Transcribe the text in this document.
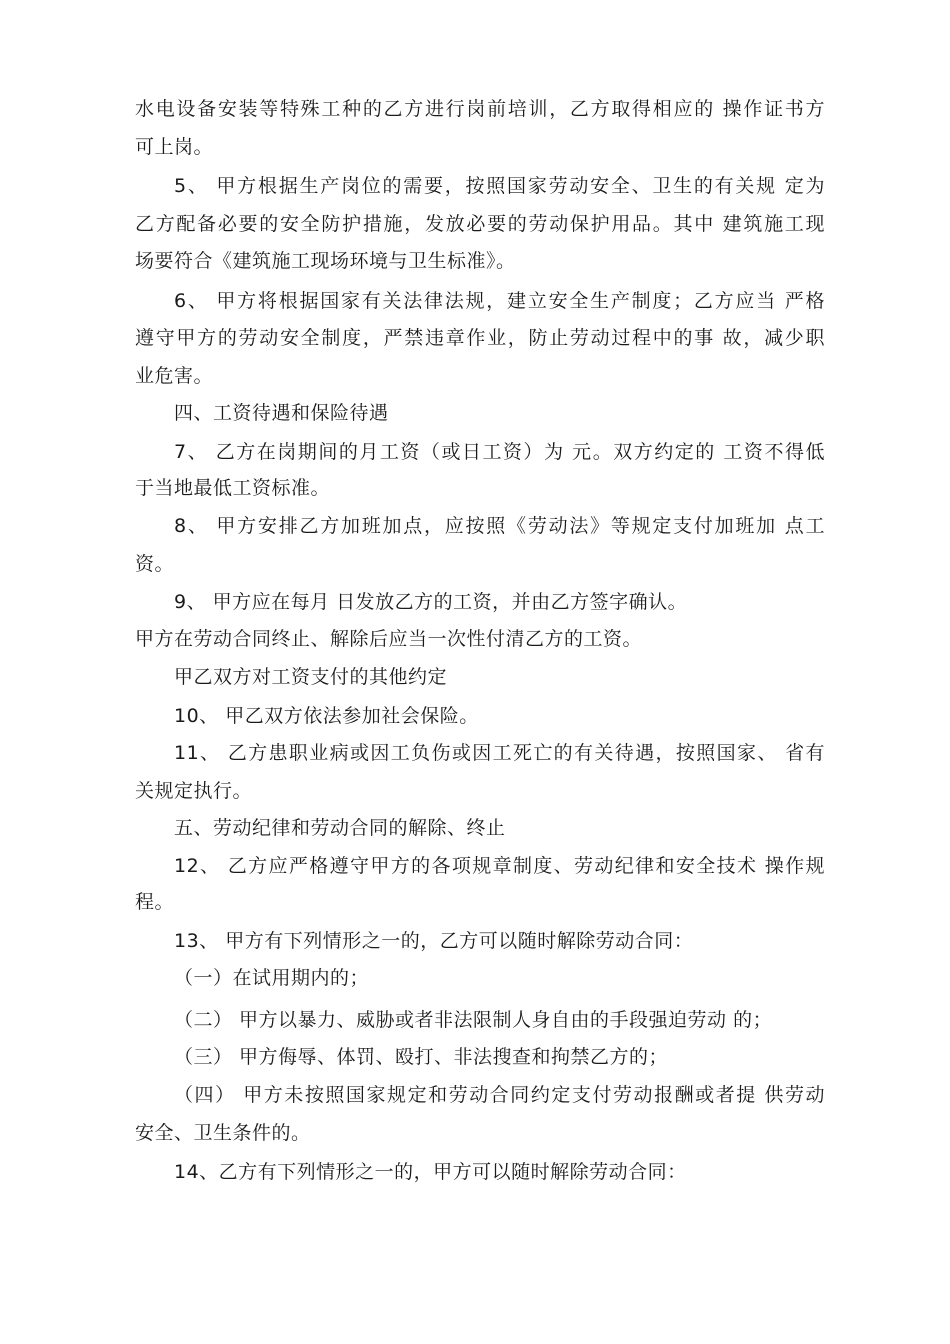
水电设备安装等特殊工种的乙方进行岗前培训，乙方取得相应的 操作证书方
可上岗。
5、 甲方根据生产岗位的需要，按照国家劳动安全、卫生的有关规 定为
乙方配备必要的安全防护措施，发放必要的劳动保护用品。其中 建筑施工现
场要符合《建筑施工现场环境与卫生标准》。
6、 甲方将根据国家有关法律法规，建立安全生产制度；乙方应当 严格
遵守甲方的劳动安全制度，严禁违章作业，防止劳动过程中的事 故，减少职
业危害。
四、工资待遇和保险待遇
7、 乙方在岗期间的月工资（或日工资）为 元。双方约定的 工资不得低
于当地最低工资标准。
8、 甲方安排乙方加班加点，应按照《劳动法》等规定支付加班加 点工
资。
9、 甲方应在每月 日发放乙方的工资，并由乙方签字确认。
甲方在劳动合同终止、解除后应当一次性付清乙方的工资。
甲乙双方对工资支付的其他约定
10、 甲乙双方依法参加社会保险。
11、 乙方患职业病或因工负伤或因工死亡的有关待遇，按照国家、 省有
关规定执行。
五、劳动纪律和劳动合同的解除、终止
12、 乙方应严格遵守甲方的各项规章制度、劳动纪律和安全技术 操作规
程。
13、 甲方有下列情形之一的，乙方可以随时解除劳动合同：
（一）在试用期内的；
（二） 甲方以暴力、威胁或者非法限制人身自由的手段强迫劳动 的；
（三） 甲方侮辱、体罚、殴打、非法搜查和拘禁乙方的；
（四） 甲方未按照国家规定和劳动合同约定支付劳动报酬或者提 供劳动
安全、卫生条件的。
14、乙方有下列情形之一的，甲方可以随时解除劳动合同：
